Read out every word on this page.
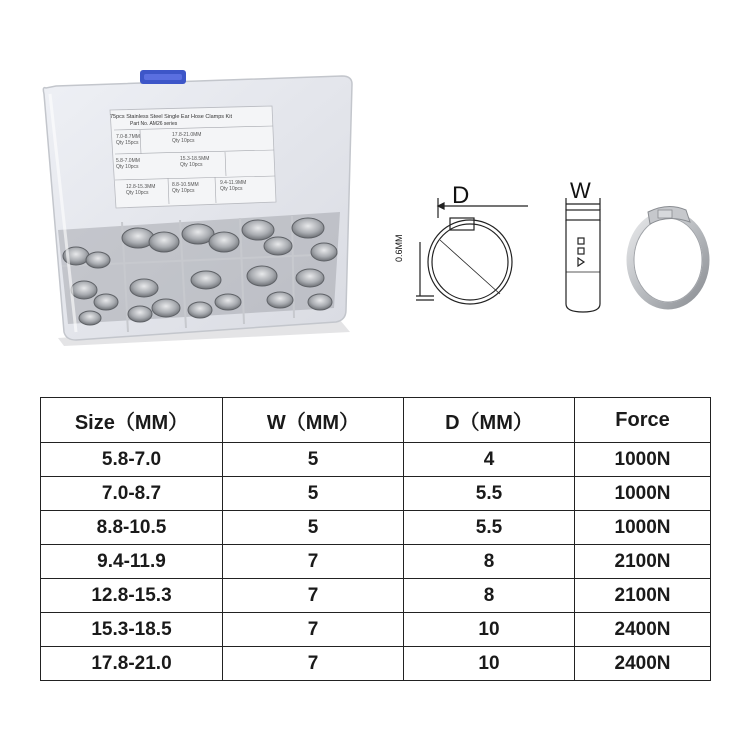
75pcs Stainless Steel Single Ear Hose Clamps Kit
Part No. AM26 series
7.0-8.7MM
Qty 15pcs
17.8-21.0MM
Qty 10pcs
5.8-7.0MM
Qty 10pcs
15.3-18.5MM
Qty 10pcs
12.8-15.3MM
Qty 10pcs
8.8-10.5MM
Qty 10pcs
9.4-11.9MM
Qty 10pcs	D
0.6MM
W
Size（MM）	W（MM）	D（MM）	Force
5.8-7.0	5	4	1000N
7.0-8.7	5	5.5	1000N
8.8-10.5	5	5.5	1000N
9.4-11.9	7	8	2100N
12.8-15.3	7	8	2100N
15.3-18.5	7	10	2400N
17.8-21.0	7	10	2400N
